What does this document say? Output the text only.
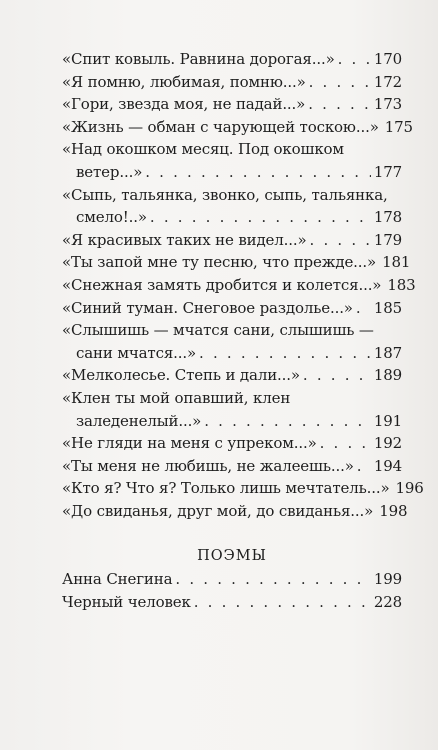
«Спит ковыль. Равнина дорогая...» . . .	170
«Я помню, любимая, помню...» . . .	172
«Гори, звезда моя, не падай...» . . .	173
«Жизнь — обман с чарующей тоскою...» 175
«Над окошком месяц. Под окошком
ветер...» . . .	177
«Сыпь, тальянка, звонко, сыпь, тальянка,
смело!..» . . .	178
«Я красивых таких не видел...» . . .	179
«Ты запой мне ту песню, что прежде...» 181
«Снежная замять дробится и колется...» 183
«Синий туман. Снеговое раздолье...» . . . 185
«Слышишь — мчатся сани, слышишь —
сани мчатся...» . . .	187
«Мелколесье. Степь и дали...» . . .	189
«Клен ты мой опавший, клен
заледенелый...» . . .	191
«Не гляди на меня с упреком...» . . .	192
«Ты меня не любишь, не жалеешь...» . . . 194
«Кто я? Что я? Только лишь мечтатель...» 196
«До свиданья, друг мой, до свиданья...» 198
ПОЭМЫ
Анна Снегина . . .	199
Черный человек . . .	228
